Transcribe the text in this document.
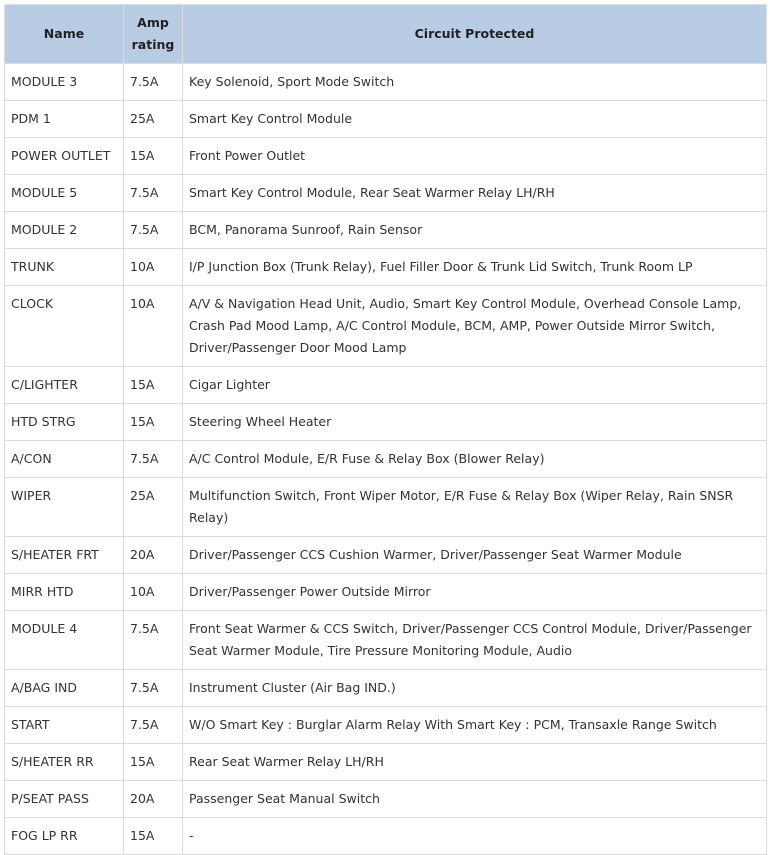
Name	Amp rating	Circuit Protected
MODULE 3	7.5A	Key Solenoid, Sport Mode Switch
PDM 1	25A	Smart Key Control Module
POWER OUTLET	15A	Front Power Outlet
MODULE 5	7.5A	Smart Key Control Module, Rear Seat Warmer Relay LH/RH
MODULE 2	7.5A	BCM, Panorama Sunroof, Rain Sensor
TRUNK	10A	I/P Junction Box (Trunk Relay), Fuel Filler Door & Trunk Lid Switch, Trunk Room LP
CLOCK	10A	A/V & Navigation Head Unit, Audio, Smart Key Control Module, Overhead Console Lamp, Crash Pad Mood Lamp, A/C Control Module, BCM, AMP, Power Outside Mirror Switch, Driver/Passenger Door Mood Lamp
C/LIGHTER	15A	Cigar Lighter
HTD STRG	15A	Steering Wheel Heater
A/CON	7.5A	A/C Control Module, E/R Fuse & Relay Box (Blower Relay)
WIPER	25A	Multifunction Switch, Front Wiper Motor, E/R Fuse & Relay Box (Wiper Relay, Rain SNSR Relay)
S/HEATER FRT	20A	Driver/Passenger CCS Cushion Warmer, Driver/Passenger Seat Warmer Module
MIRR HTD	10A	Driver/Passenger Power Outside Mirror
MODULE 4	7.5A	Front Seat Warmer & CCS Switch, Driver/Passenger CCS Control Module, Driver/Passenger Seat Warmer Module, Tire Pressure Monitoring Module, Audio
A/BAG IND	7.5A	Instrument Cluster (Air Bag IND.)
START	7.5A	W/O Smart Key : Burglar Alarm Relay With Smart Key : PCM, Transaxle Range Switch
S/HEATER RR	15A	Rear Seat Warmer Relay LH/RH
P/SEAT PASS	20A	Passenger Seat Manual Switch
FOG LP RR	15A	-
